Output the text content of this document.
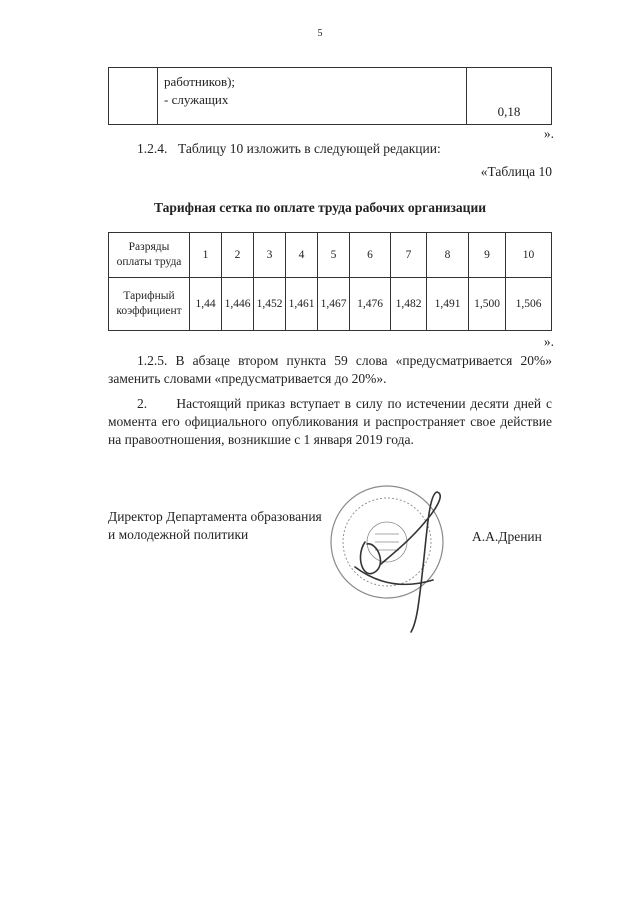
5

работников);
- служащих
	0,18
».
1.2.4. Таблицу 10 изложить в следующей редакции:
«Таблица 10
Тарифная сетка по оплате труда рабочих организации
Разряды
оплаты труда	1	2	3	4	5	6	7	8	9	10

Тарифный
коэффициент	1,44	1,446	1,452	1,461	1,467	1,476	1,482	1,491	1,500	1,506
».
1.2.5. В абзаце втором пункта 59 слова «предусматривается 20%»
заменить словами «предусматривается до 20%».
2.      Настоящий приказ вступает в силу по истечении десяти дней с
момента его официального опубликования и распространяет свое действие
на правоотношения, возникшие с 1 января 2019 года.
Директор Департамента образования
и молодежной политики	А.А.Дренин
